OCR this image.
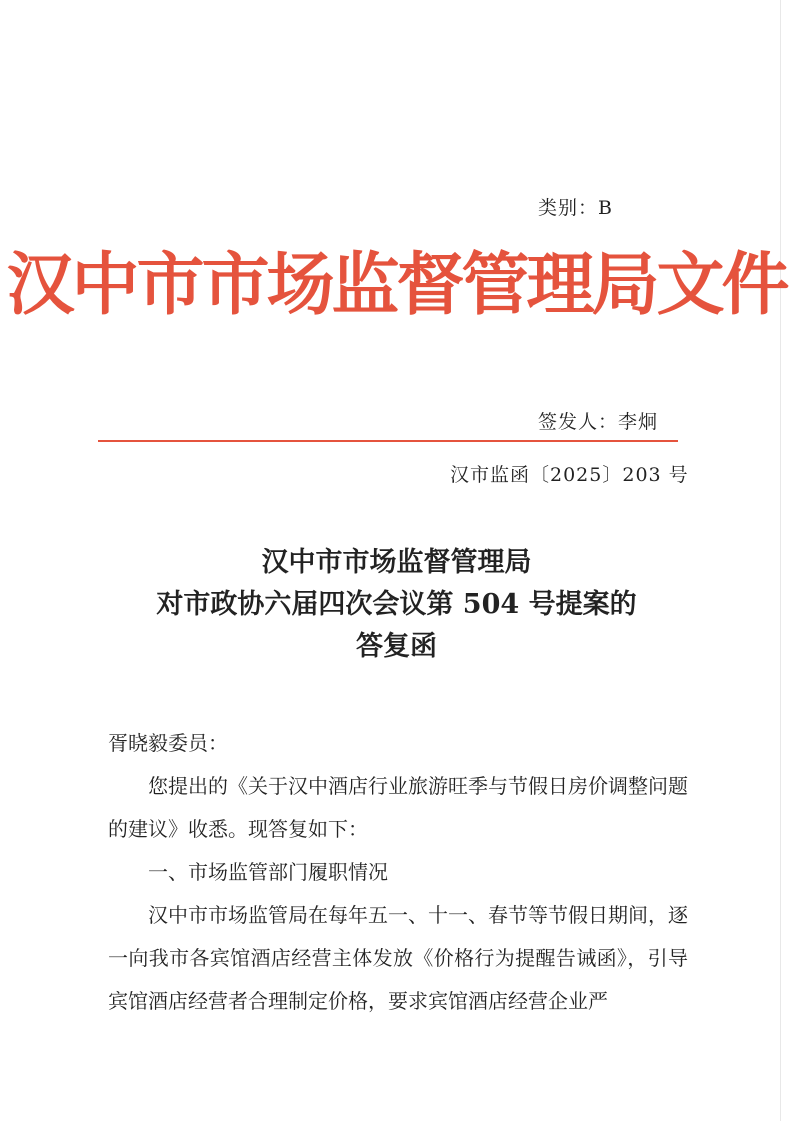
类别：B
汉中市市场监督管理局文件
签发人：李炯
汉市监函〔2025〕203 号
汉中市市场监督管理局
对市政协六届四次会议第 504 号提案的
答复函

胥晓毅委员：

您提出的《关于汉中酒店行业旅游旺季与节假日房价调整问题的建议》收悉。现答复如下：

一、市场监管部门履职情况

汉中市市场监管局在每年五一、十一、春节等节假日期间，逐一向我市各宾馆酒店经营主体发放《价格行为提醒告诫函》，引导宾馆酒店经营者合理制定价格，要求宾馆酒店经营企业严
